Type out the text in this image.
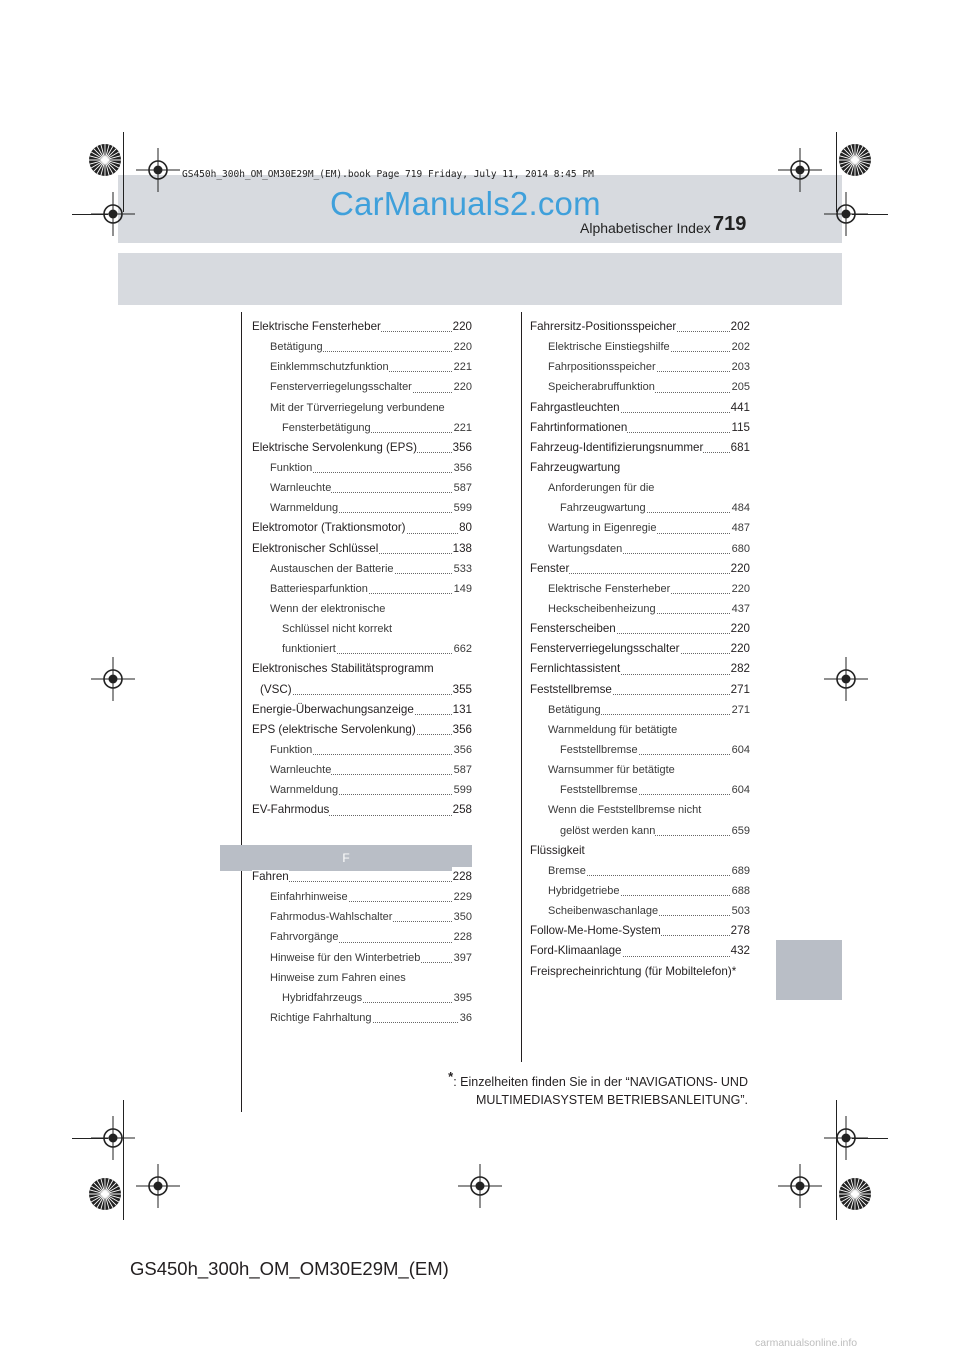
GS450h_300h_OM_OM30E29M_(EM).book Page 719 Friday, July 11, 2014 8:45 PM
CarManuals2.com
Alphabetischer Index 719
Elektrische Fensterheber	220
Betätigung	220
Einklemmschutzfunktion	221
Fensterverriegelungsschalter	220
Mit der Türverriegelung verbundene
Fensterbetätigung	221
Elektrische Servolenkung (EPS)	356
Funktion	356
Warnleuchte	587
Warnmeldung	599
Elektromotor (Traktionsmotor)	80
Elektronischer Schlüssel	138
Austauschen der Batterie	533
Batteriesparfunktion	149
Wenn der elektronische
Schlüssel nicht korrekt
funktioniert	662
Elektronisches Stabilitätsprogramm
(VSC)	355
Energie-Überwachungsanzeige	131
EPS (elektrische Servolenkung)	356
Funktion	356
Warnleuchte	587
Warnmeldung	599
EV-Fahrmodus	258
F
Fahren	228
Einfahrhinweise	229
Fahrmodus-Wahlschalter	350
Fahrvorgänge	228
Hinweise für den Winterbetrieb	397
Hinweise zum Fahren eines
Hybridfahrzeugs	395
Richtige Fahrhaltung	36
Fahrersitz-Positionsspeicher	202
Elektrische Einstiegshilfe	202
Fahrpositionsspeicher	203
Speicherabruffunktion	205
Fahrgastleuchten	441
Fahrtinformationen	115
Fahrzeug-Identifizierungsnummer 681
Fahrzeugwartung
Anforderungen für die
Fahrzeugwartung	484
Wartung in Eigenregie	487
Wartungsdaten	680
Fenster	220
Elektrische Fensterheber	220
Heckscheibenheizung	437
Fensterscheiben	220
Fensterverriegelungsschalter	220
Fernlichtassistent	282
Feststellbremse	271
Betätigung	271
Warnmeldung für betätigte
Feststellbremse	604
Warnsummer für betätigte
Feststellbremse	604
Wenn die Feststellbremse nicht
gelöst werden kann	659
Flüssigkeit
Bremse	689
Hybridgetriebe	688
Scheibenwaschanlage	503
Follow-Me-Home-System	278
Ford-Klimaanlage	432
Freisprecheinrichtung (für Mobiltelefon)*
*: Einzelheiten finden Sie in der “NAVIGATIONS- UND
MULTIMEDIASYSTEM BETRIEBSANLEITUNG”.
GS450h_300h_OM_OM30E29M_(EM)
carmanualsonline.info
